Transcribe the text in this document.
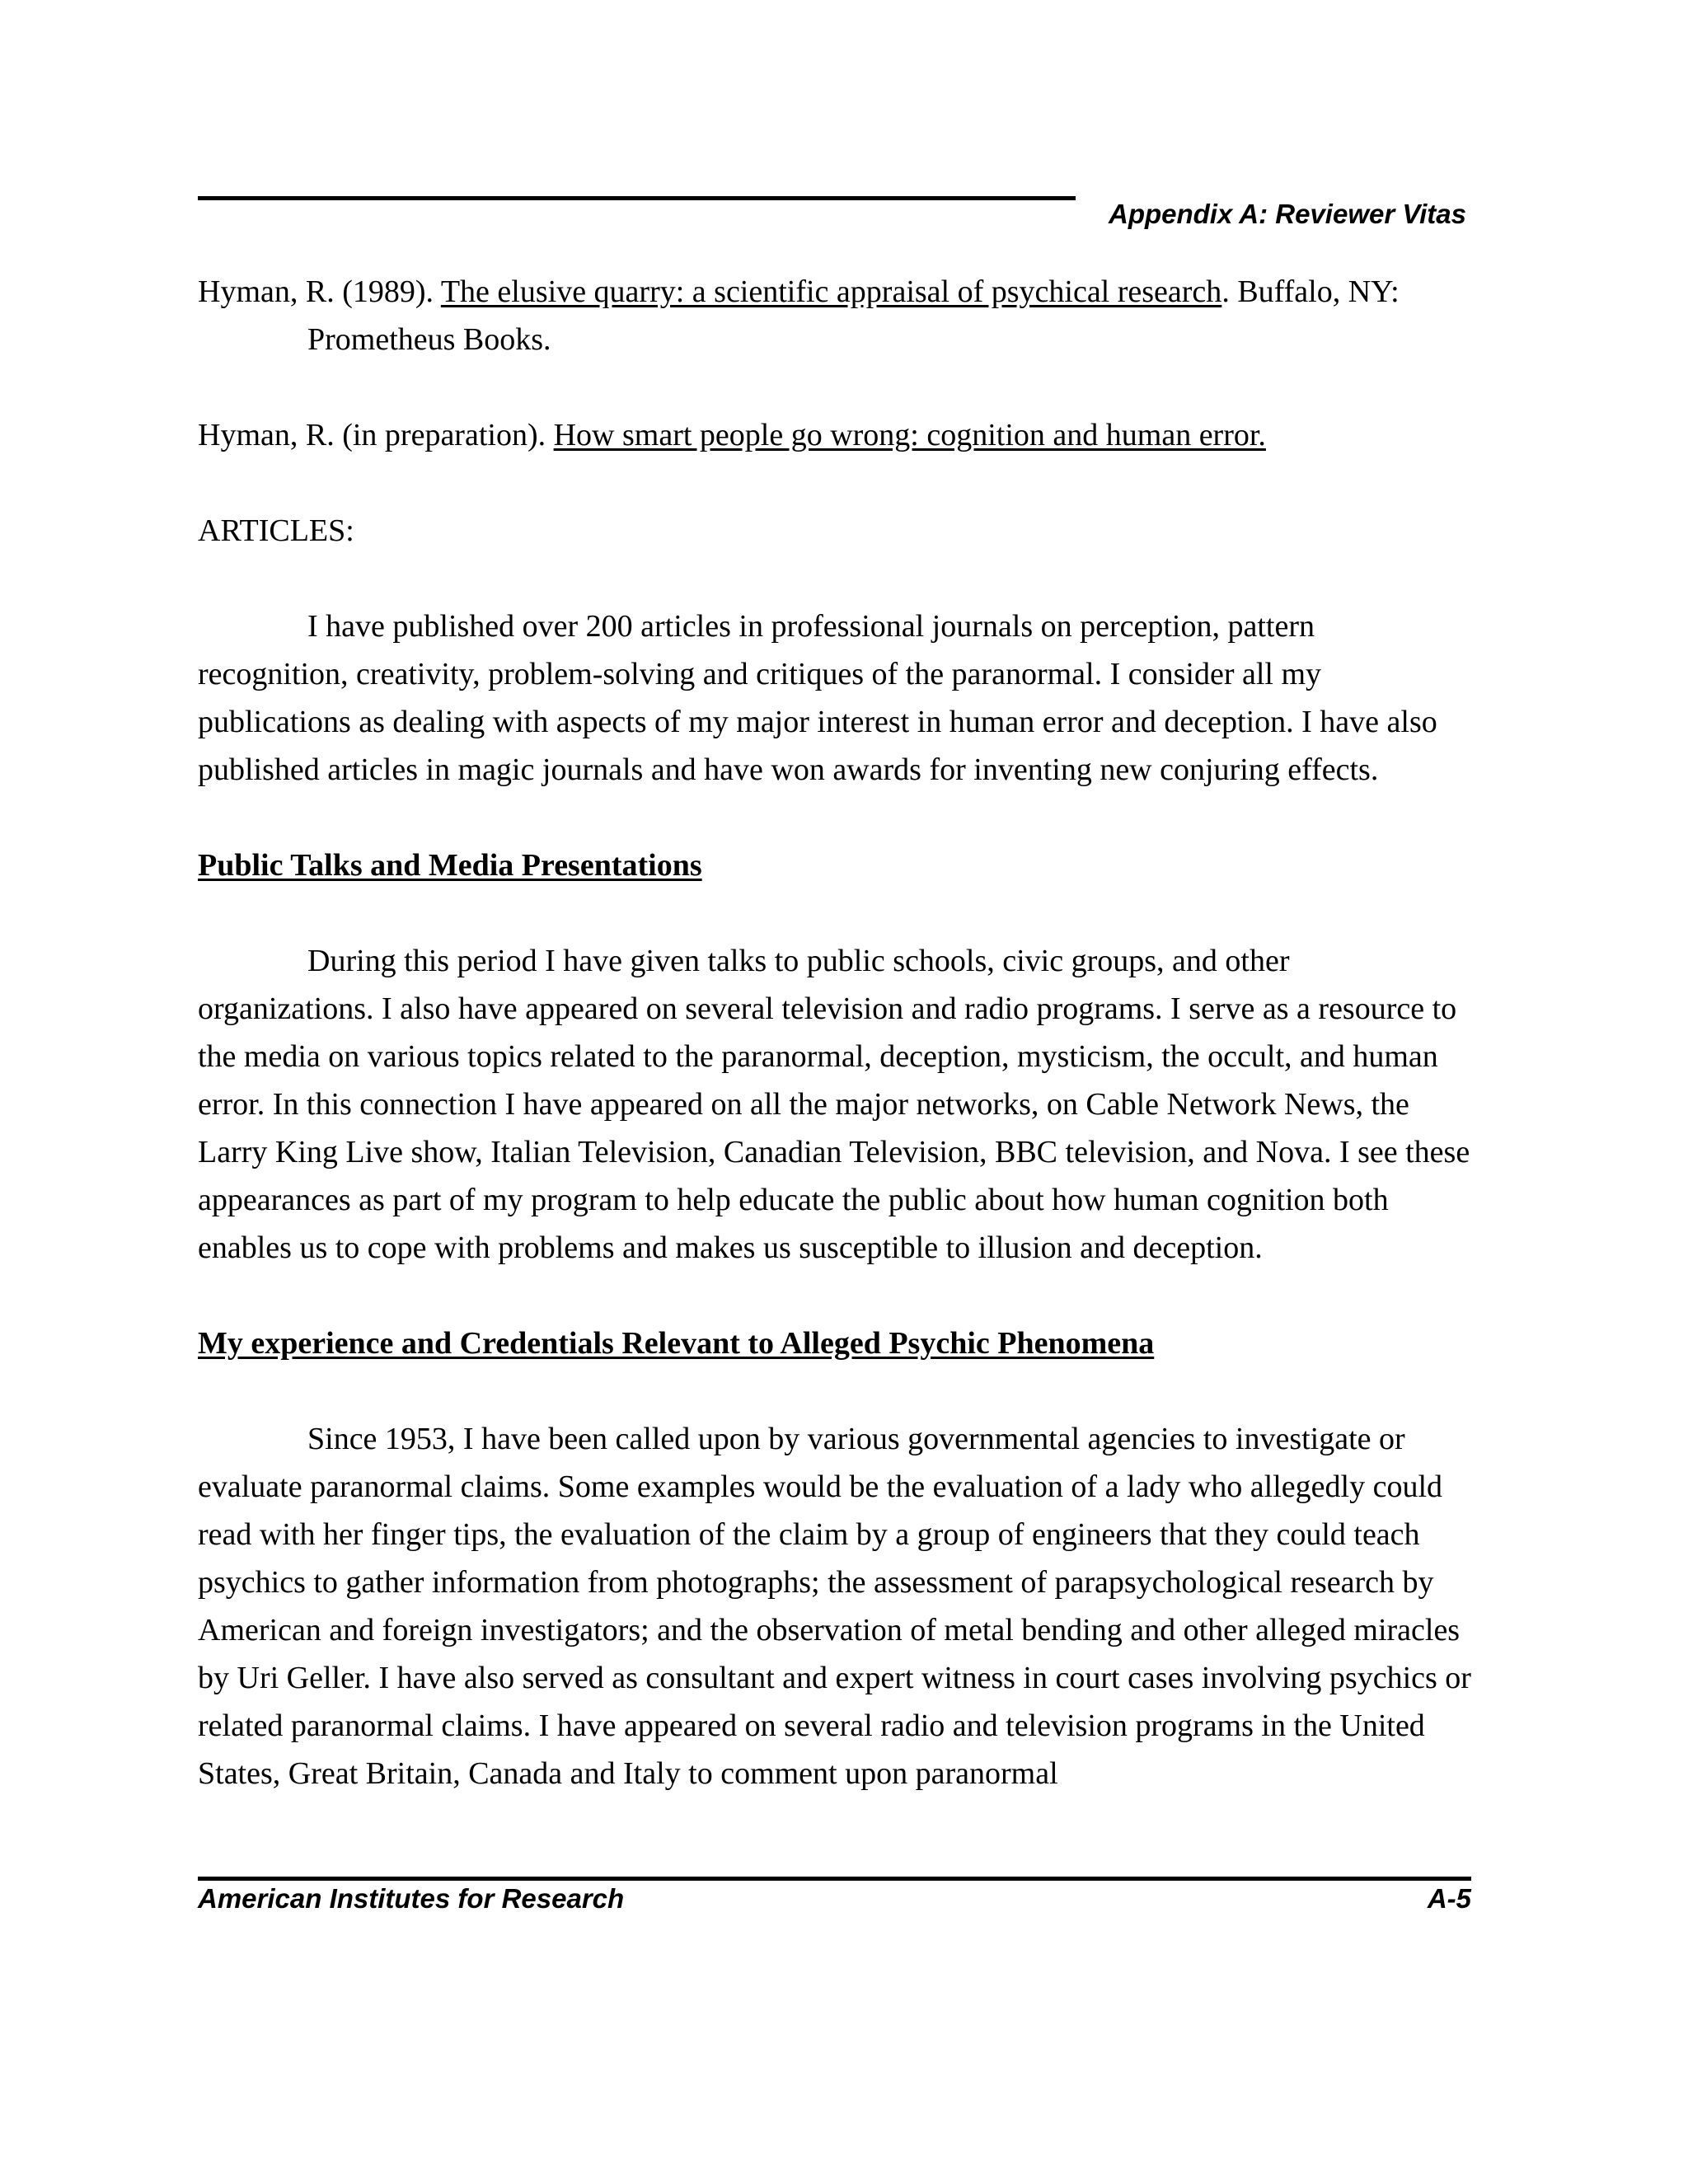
Appendix A: Reviewer Vitas

Hyman, R. (1989). The elusive quarry: a scientific appraisal of psychical research. Buffalo, NY: Prometheus Books.

Hyman, R. (in preparation). How smart people go wrong: cognition and human error.

ARTICLES:

I have published over 200 articles in professional journals on perception, pattern recognition, creativity, problem-solving and critiques of the paranormal. I consider all my publications as dealing with aspects of my major interest in human error and deception. I have also published articles in magic journals and have won awards for inventing new conjuring effects.

Public Talks and Media Presentations

During this period I have given talks to public schools, civic groups, and other organizations. I also have appeared on several television and radio programs. I serve as a resource to the media on various topics related to the paranormal, deception, mysticism, the occult, and human error. In this connection I have appeared on all the major networks, on Cable Network News, the Larry King Live show, Italian Television, Canadian Television, BBC television, and Nova. I see these appearances as part of my program to help educate the public about how human cognition both enables us to cope with problems and makes us susceptible to illusion and deception.

My experience and Credentials Relevant to Alleged Psychic Phenomena

Since 1953, I have been called upon by various governmental agencies to investigate or evaluate paranormal claims. Some examples would be the evaluation of a lady who allegedly could read with her finger tips, the evaluation of the claim by a group of engineers that they could teach psychics to gather information from photographs; the assessment of parapsychological research by American and foreign investigators; and the observation of metal bending and other alleged miracles by Uri Geller. I have also served as consultant and expert witness in court cases involving psychics or related paranormal claims. I have appeared on several radio and television programs in the United States, Great Britain, Canada and Italy to comment upon paranormal

American Institutes for Research	A-5
